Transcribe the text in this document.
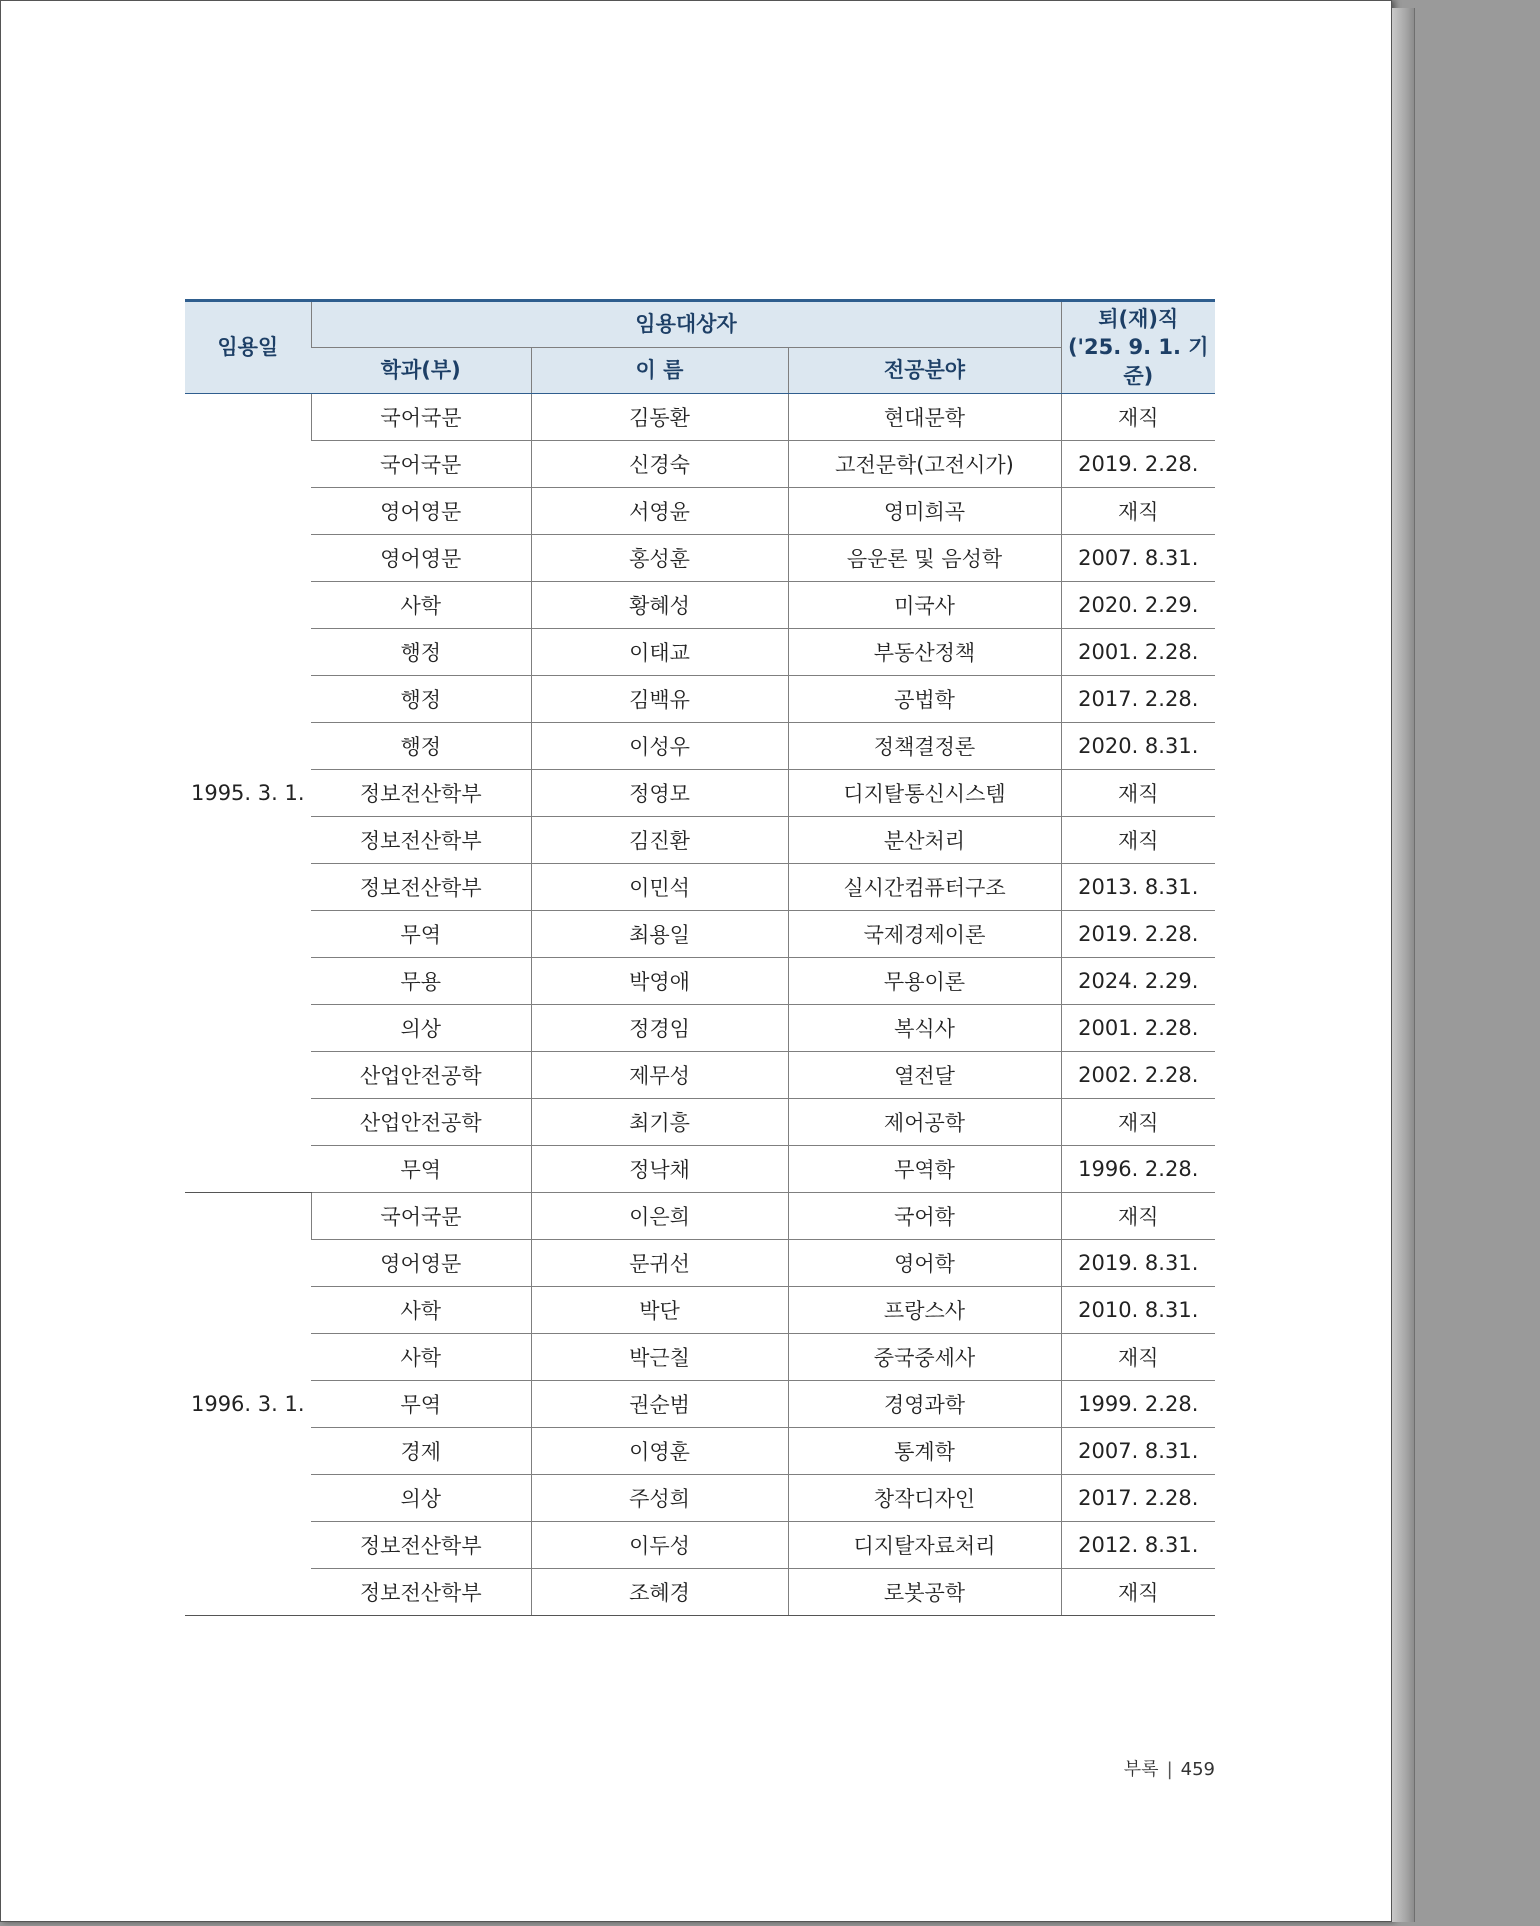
임용일	임용대상자			퇴(재)직
('25. 9. 1. 기준)

	학과(부)	이 름	전공분야	
1995. 3. 1.	국어국문	김동환	현대문학	재직
	국어국문	신경숙	고전문학(고전시가)	2019. 2.28.
	영어영문	서영윤	영미희곡	재직
	영어영문	홍성훈	음운론 및 음성학	2007. 8.31.
	사학	황혜성	미국사	2020. 2.29.
	행정	이태교	부동산정책	2001. 2.28.
	행정	김백유	공법학	2017. 2.28.
	행정	이성우	정책결정론	2020. 8.31.
	정보전산학부	정영모	디지탈통신시스템	재직
	정보전산학부	김진환	분산처리	재직
	정보전산학부	이민석	실시간컴퓨터구조	2013. 8.31.
	무역	최용일	국제경제이론	2019. 2.28.
	무용	박영애	무용이론	2024. 2.29.
	의상	정경임	복식사	2001. 2.28.
	산업안전공학	제무성	열전달	2002. 2.28.
	산업안전공학	최기흥	제어공학	재직
	무역	정낙채	무역학	1996. 2.28.
1996. 3. 1.	국어국문	이은희	국어학	재직
	영어영문	문귀선	영어학	2019. 8.31.
	사학	박단	프랑스사	2010. 8.31.
	사학	박근칠	중국중세사	재직
	무역	권순범	경영과학	1999. 2.28.
	경제	이영훈	통계학	2007. 8.31.
	의상	주성희	창작디자인	2017. 2.28.
	정보전산학부	이두성	디지탈자료처리	2012. 8.31.
	정보전산학부	조혜경	로봇공학	재직
부록 | 459
